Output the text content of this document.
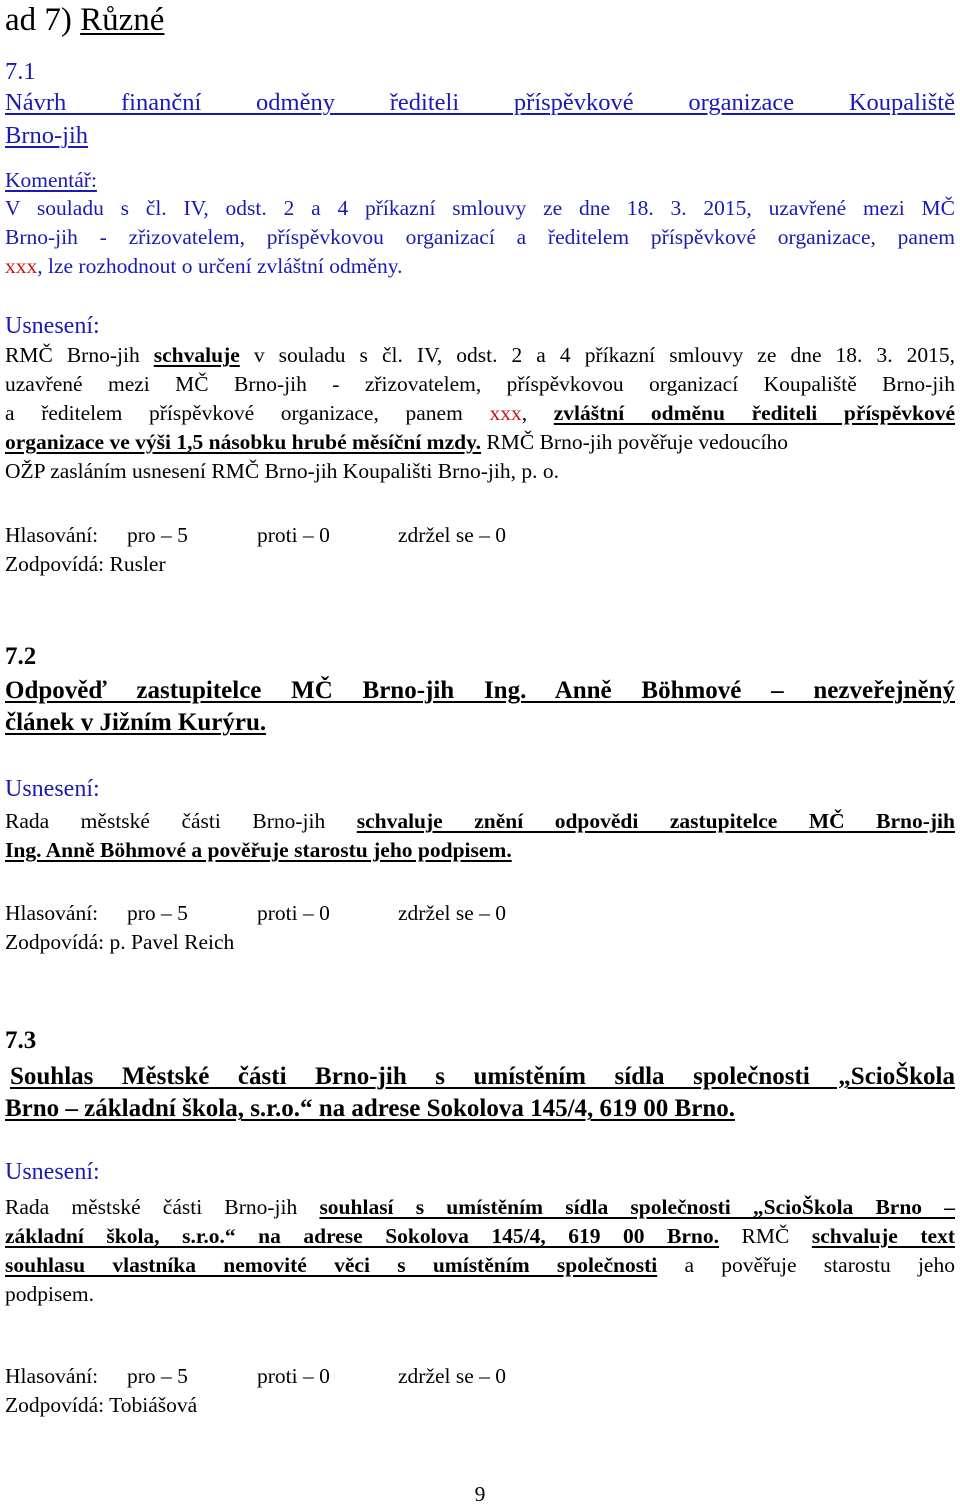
ad 7) Různé
7.1
Návrh finanční odměny řediteli příspěvkové organizace Koupaliště
Brno-jih
Komentář:
V souladu s čl. IV, odst. 2 a 4 příkazní smlouvy ze dne 18. 3. 2015, uzavřené mezi MČ
Brno-jih - zřizovatelem, příspěvkovou organizací a ředitelem příspěvkové organizace, panem
xxx, lze rozhodnout o určení zvláštní odměny.
Usnesení:
RMČ Brno-jih schvaluje v souladu s čl. IV, odst. 2 a 4 příkazní smlouvy ze dne 18. 3. 2015,
uzavřené mezi MČ Brno-jih - zřizovatelem, příspěvkovou organizací Koupaliště Brno-jih
a ředitelem příspěvkové organizace, panem xxx, zvláštní odměnu řediteli příspěvkové
organizace ve výši 1,5 násobku hrubé měsíční mzdy. RMČ Brno-jih pověřuje vedoucího
OŽP zasláním usnesení RMČ Brno-jih Koupališti Brno-jih, p. o.
Hlasování: pro – 5	proti – 0	zdržel se – 0
Zodpovídá: Rusler
7.2
Odpověď zastupitelce MČ Brno-jih Ing. Anně Böhmové – nezveřejněný
článek v Jižním Kurýru.
Usnesení:
Rada městské části Brno-jih schvaluje znění odpovědi zastupitelce MČ Brno-jih
Ing. Anně Böhmové a pověřuje starostu jeho podpisem.
Hlasování: pro – 5	proti – 0	zdržel se – 0
Zodpovídá: p. Pavel Reich
7.3
Souhlas Městské části Brno-jih s umístěním sídla společnosti „ScioŠkola
Brno – základní škola, s.r.o.“ na adrese Sokolova 145/4, 619 00 Brno.
Usnesení:
Rada městské části Brno-jih souhlasí s umístěním sídla společnosti „ScioŠkola Brno –
základní škola, s.r.o.“ na adrese Sokolova 145/4, 619 00 Brno. RMČ schvaluje text
souhlasu vlastníka nemovité věci s umístěním společnosti a pověřuje starostu jeho
podpisem.
Hlasování: pro – 5	proti – 0	zdržel se – 0
Zodpovídá: Tobiášová
9
